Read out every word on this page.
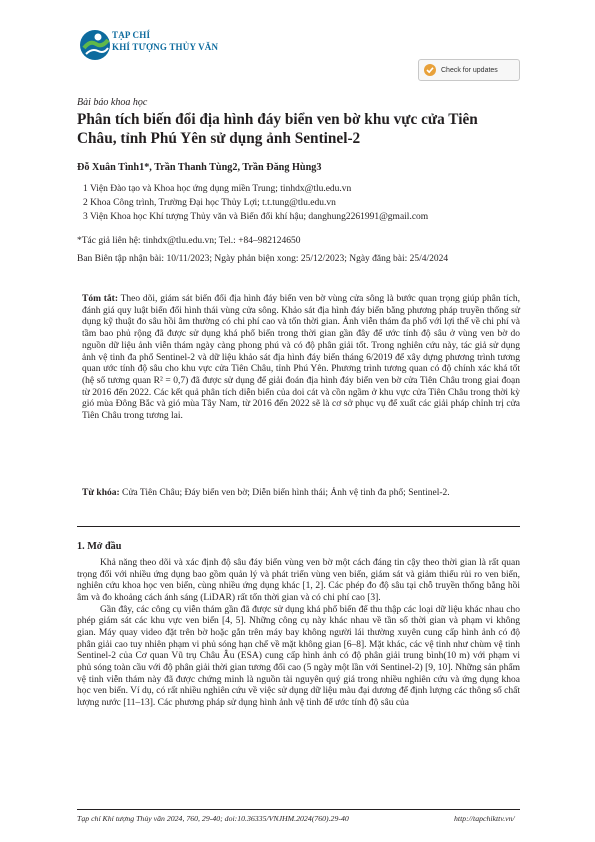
TẠP CHÍ
KHÍ TƯỢNG THỦY VĂN
Check for updates
Bài báo khoa học
Phân tích biến đổi địa hình đáy biển ven bờ khu vực cửa Tiên Châu, tỉnh Phú Yên sử dụng ảnh Sentinel-2
Đỗ Xuân Tình1*, Trần Thanh Tùng2, Trần Đăng Hùng3
1 Viện Đào tạo và Khoa học ứng dụng miền Trung; tinhdx@tlu.edu.vn
2 Khoa Công trình, Trường Đại học Thủy Lợi; t.t.tung@tlu.edu.vn
3 Viện Khoa học Khí tượng Thủy văn và Biến đổi khí hậu; danghung2261991@gmail.com
*Tác giả liên hệ: tinhdx@tlu.edu.vn; Tel.: +84–982124650
Ban Biên tập nhận bài: 10/11/2023; Ngày phản biện xong: 25/12/2023; Ngày đăng bài: 25/4/2024
Tóm tắt: Theo dõi, giám sát biến đổi địa hình đáy biển ven bờ vùng cửa sông là bước quan trọng giúp phân tích, đánh giá quy luật biến đổi hình thái vùng cửa sông. Khảo sát địa hình đáy biển bằng phương pháp truyền thống sử dụng kỹ thuật đo sâu hồi âm thường có chi phí cao và tốn thời gian. Ảnh viễn thám đa phổ với lợi thế về chi phí và tầm bao phủ rộng đã được sử dụng khá phổ biến trong thời gian gần đây để ước tính độ sâu ở vùng ven bờ do nguồn dữ liệu ảnh viễn thám ngày càng phong phú và có độ phân giải tốt. Trong nghiên cứu này, tác giả sử dụng ảnh vệ tinh đa phổ Sentinel-2 và dữ liệu khảo sát địa hình đáy biển tháng 6/2019 để xây dựng phương trình tương quan ước tính độ sâu cho khu vực cửa Tiên Châu, tỉnh Phú Yên. Phương trình tương quan có độ chính xác khá tốt (hệ số tương quan R² = 0,7) đã được sử dụng để giải đoán địa hình đáy biển ven bờ cửa Tiên Châu trong giai đoạn từ 2016 đến 2022. Các kết quả phân tích diễn biến của doi cát và cồn ngầm ở khu vực cửa Tiên Châu trong thời kỳ gió mùa Đông Bắc và gió mùa Tây Nam, từ 2016 đến 2022 sẽ là cơ sở phục vụ để xuất các giải pháp chỉnh trị cửa Tiên Châu trong tương lai.
Từ khóa: Cửa Tiên Châu; Đáy biển ven bờ; Diễn biến hình thái; Ảnh vệ tinh đa phổ; Sentinel-2.
1. Mở đầu

Khả năng theo dõi và xác định độ sâu đáy biển vùng ven bờ một cách đáng tin cậy theo thời gian là rất quan trọng đối với nhiều ứng dụng bao gồm quản lý và phát triển vùng ven biển, giám sát và giảm thiểu rủi ro ven biển, nghiên cứu khoa học ven biển, cùng nhiều ứng dụng khác [1, 2]. Các phép đo độ sâu tại chỗ truyền thống bằng hồi âm và đo khoảng cách ánh sáng (LiDAR) rất tốn thời gian và có chi phí cao [3].

Gần đây, các công cụ viễn thám gần đã được sử dụng khá phổ biến để thu thập các loại dữ liệu khác nhau cho phép giám sát các khu vực ven biển [4, 5]. Những công cụ này khác nhau về tần số thời gian và phạm vi không gian. Máy quay video đặt trên bờ hoặc gắn trên máy bay không người lái thường xuyên cung cấp hình ảnh có độ phân giải cao tuy nhiên phạm vi phủ sóng hạn chế về mặt không gian [6–8]. Mặt khác, các vệ tinh như chùm vệ tinh Sentinel-2 của Cơ quan Vũ trụ Châu Âu (ESA) cung cấp hình ảnh có độ phân giải trung bình(10 m) với phạm vi phủ sóng toàn cầu với độ phân giải thời gian tương đối cao (5 ngày một lần với Sentinel-2) [9, 10]. Những sản phẩm vệ tinh viễn thám này đã được chứng minh là nguồn tài nguyên quý giá trong nhiều nghiên cứu và ứng dụng khoa học ven biển. Ví dụ, có rất nhiều nghiên cứu về việc sử dụng dữ liệu màu đại dương để định lượng các thông số chất lượng nước [11–13]. Các phương pháp sử dụng hình ảnh vệ tinh để ước tính độ sâu của

Tạp chí Khí tượng Thủy văn 2024, 760, 29-40; doi:10.36335/VNJHM.2024(760).29-40	http://tapchikttv.vn/
